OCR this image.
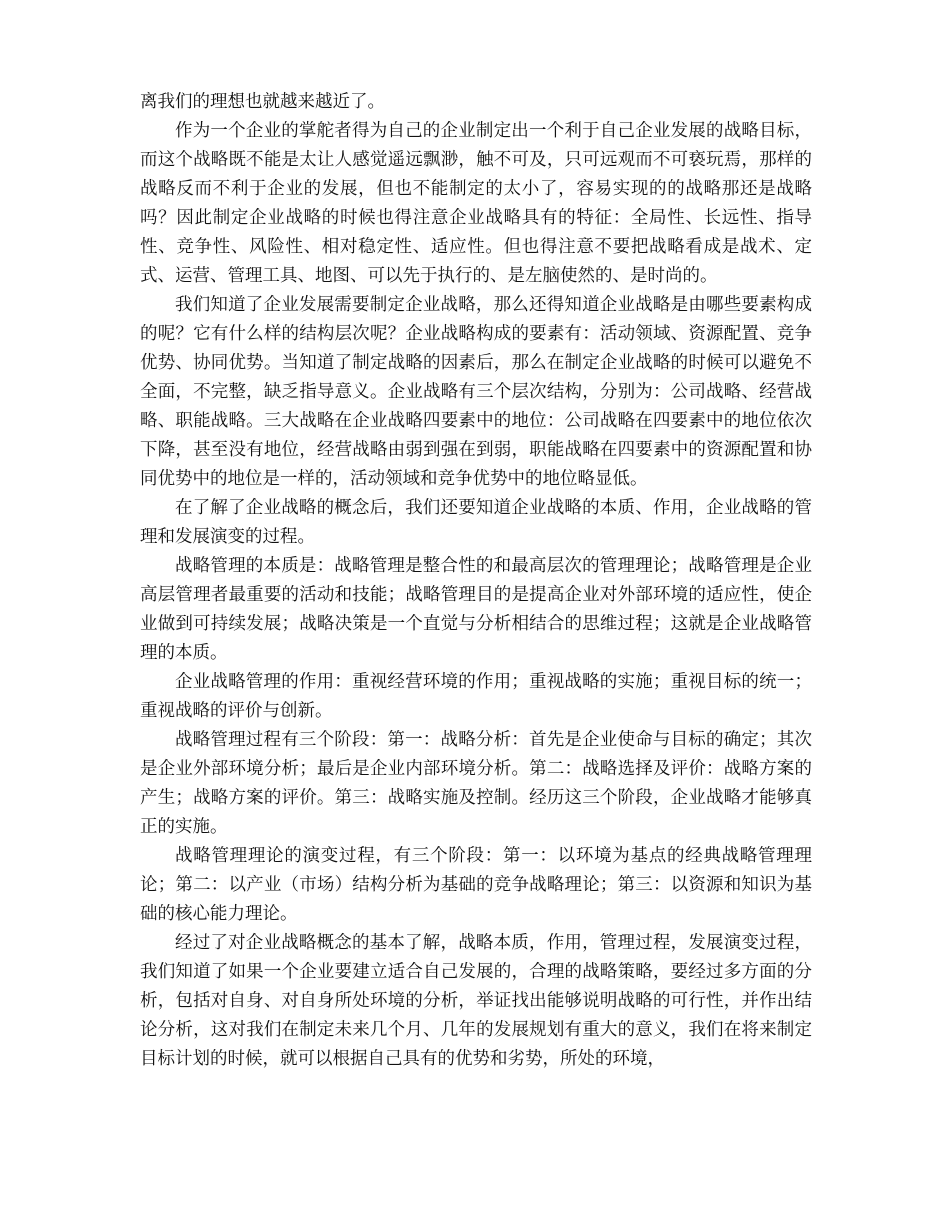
离我们的理想也就越来越近了。

作为一个企业的掌舵者得为自己的企业制定出一个利于自己企业发展的战略目标，而这个战略既不能是太让人感觉遥远飘渺，触不可及，只可远观而不可亵玩焉，那样的战略反而不利于企业的发展，但也不能制定的太小了，容易实现的的战略那还是战略吗？因此制定企业战略的时候也得注意企业战略具有的特征：全局性、长远性、指导性、竞争性、风险性、相对稳定性、适应性。但也得注意不要把战略看成是战术、定式、运营、管理工具、地图、可以先于执行的、是左脑使然的、是时尚的。

我们知道了企业发展需要制定企业战略，那么还得知道企业战略是由哪些要素构成的呢？它有什么样的结构层次呢？企业战略构成的要素有：活动领域、资源配置、竞争优势、协同优势。当知道了制定战略的因素后，那么在制定企业战略的时候可以避免不全面，不完整，缺乏指导意义。企业战略有三个层次结构，分别为：公司战略、经营战略、职能战略。三大战略在企业战略四要素中的地位：公司战略在四要素中的地位依次下降，甚至没有地位，经营战略由弱到强在到弱，职能战略在四要素中的资源配置和协同优势中的地位是一样的，活动领域和竞争优势中的地位略显低。

在了解了企业战略的概念后，我们还要知道企业战略的本质、作用，企业战略的管理和发展演变的过程。

战略管理的本质是：战略管理是整合性的和最高层次的管理理论；战略管理是企业高层管理者最重要的活动和技能；战略管理目的是提高企业对外部环境的适应性，使企业做到可持续发展；战略决策是一个直觉与分析相结合的思维过程；这就是企业战略管理的本质。

企业战略管理的作用：重视经营环境的作用；重视战略的实施；重视目标的统一；重视战略的评价与创新。

战略管理过程有三个阶段：第一：战略分析：首先是企业使命与目标的确定；其次是企业外部环境分析；最后是企业内部环境分析。第二：战略选择及评价：战略方案的产生；战略方案的评价。第三：战略实施及控制。经历这三个阶段，企业战略才能够真正的实施。

战略管理理论的演变过程，有三个阶段：第一：以环境为基点的经典战略管理理论；第二：以产业（市场）结构分析为基础的竞争战略理论；第三：以资源和知识为基础的核心能力理论。

经过了对企业战略概念的基本了解，战略本质，作用，管理过程，发展演变过程，我们知道了如果一个企业要建立适合自己发展的，合理的战略策略，要经过多方面的分析，包括对自身、对自身所处环境的分析，举证找出能够说明战略的可行性，并作出结论分析，这对我们在制定未来几个月、几年的发展规划有重大的意义，我们在将来制定目标计划的时候，就可以根据自己具有的优势和劣势，所处的环境，
